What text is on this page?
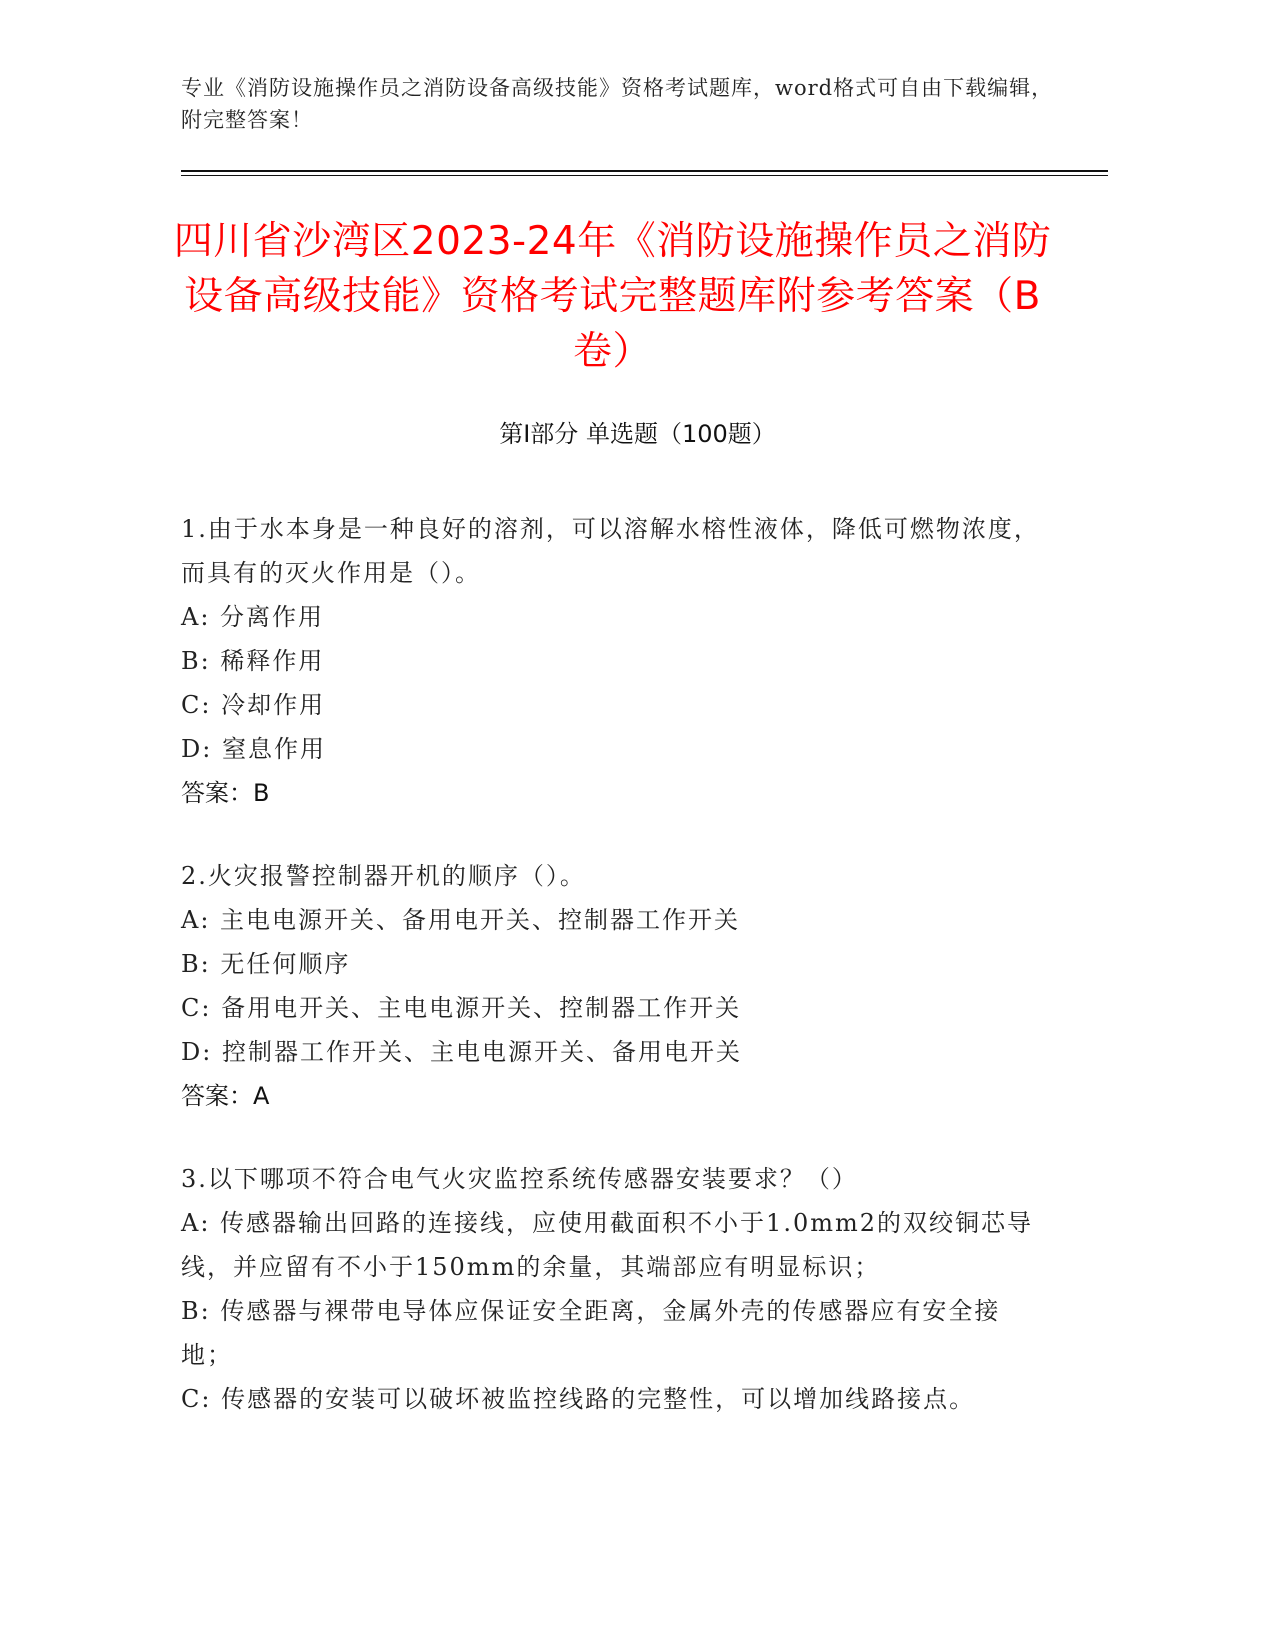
专业《消防设施操作员之消防设备高级技能》资格考试题库，word格式可自由下载编辑，附完整答案！
四川省沙湾区2023-24年《消防设施操作员之消防设备高级技能》资格考试完整题库附参考答案（B卷）
第Ⅰ部分 单选题（100题）

1.由于水本身是一种良好的溶剂，可以溶解水榕性液体，降低可燃物浓度，而具有的灭火作用是（）。

A: 分离作用

B: 稀释作用

C: 冷却作用

D: 窒息作用

答案：B

2.火灾报警控制器开机的顺序（）。

A: 主电电源开关、备用电开关、控制器工作开关

B: 无任何顺序

C: 备用电开关、主电电源开关、控制器工作开关

D: 控制器工作开关、主电电源开关、备用电开关

答案：A

3.以下哪项不符合电气火灾监控系统传感器安装要求？（）

A: 传感器输出回路的连接线，应使用截面积不小于1.0mm2的双绞铜芯导线，并应留有不小于150mm的余量，其端部应有明显标识；

B: 传感器与裸带电导体应保证安全距离，金属外壳的传感器应有安全接地；

C: 传感器的安装可以破坏被监控线路的完整性，可以增加线路接点。
